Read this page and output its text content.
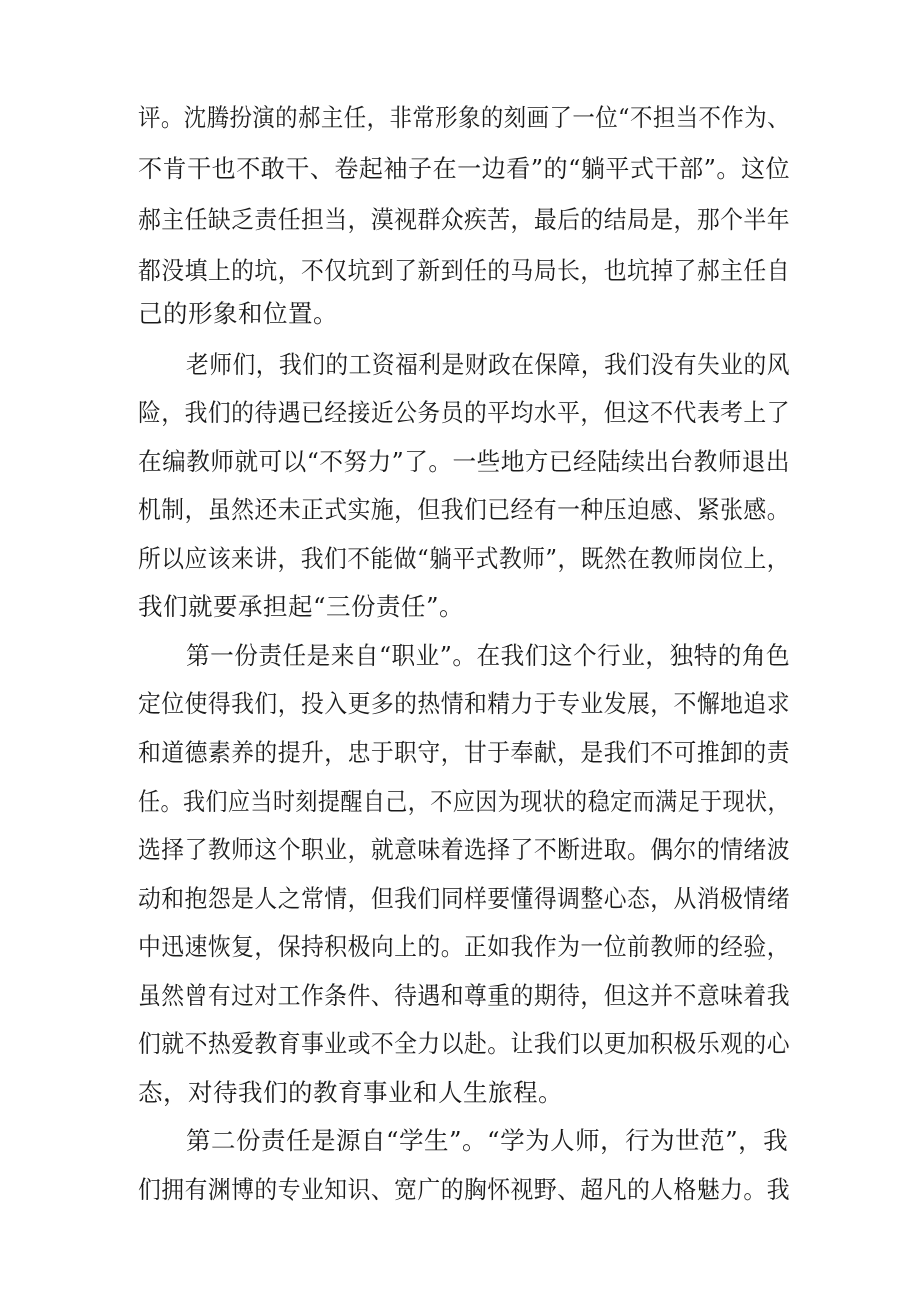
评。沈腾扮演的郝主任，非常形象的刻画了一位“不担当不作为、
不肯干也不敢干、卷起袖子在一边看”的“躺平式干部”。这位
郝主任缺乏责任担当，漠视群众疾苦，最后的结局是，那个半年
都没填上的坑，不仅坑到了新到任的马局长，也坑掉了郝主任自
己的形象和位置。
老师们，我们的工资福利是财政在保障，我们没有失业的风
险，我们的待遇已经接近公务员的平均水平，但这不代表考上了
在编教师就可以“不努力”了。一些地方已经陆续出台教师退出
机制，虽然还未正式实施，但我们已经有一种压迫感、紧张感。
所以应该来讲，我们不能做“躺平式教师”，既然在教师岗位上，
我们就要承担起“三份责任”。
第一份责任是来自“职业”。在我们这个行业，独特的角色
定位使得我们，投入更多的热情和精力于专业发展，不懈地追求
和道德素养的提升，忠于职守，甘于奉献，是我们不可推卸的责
任。我们应当时刻提醒自己，不应因为现状的稳定而满足于现状，
选择了教师这个职业，就意味着选择了不断进取。偶尔的情绪波
动和抱怨是人之常情，但我们同样要懂得调整心态，从消极情绪
中迅速恢复，保持积极向上的。正如我作为一位前教师的经验，
虽然曾有过对工作条件、待遇和尊重的期待，但这并不意味着我
们就不热爱教育事业或不全力以赴。让我们以更加积极乐观的心
态，对待我们的教育事业和人生旅程。
第二份责任是源自“学生”。“学为人师，行为世范”，我
们拥有渊博的专业知识、宽广的胸怀视野、超凡的人格魅力。我
